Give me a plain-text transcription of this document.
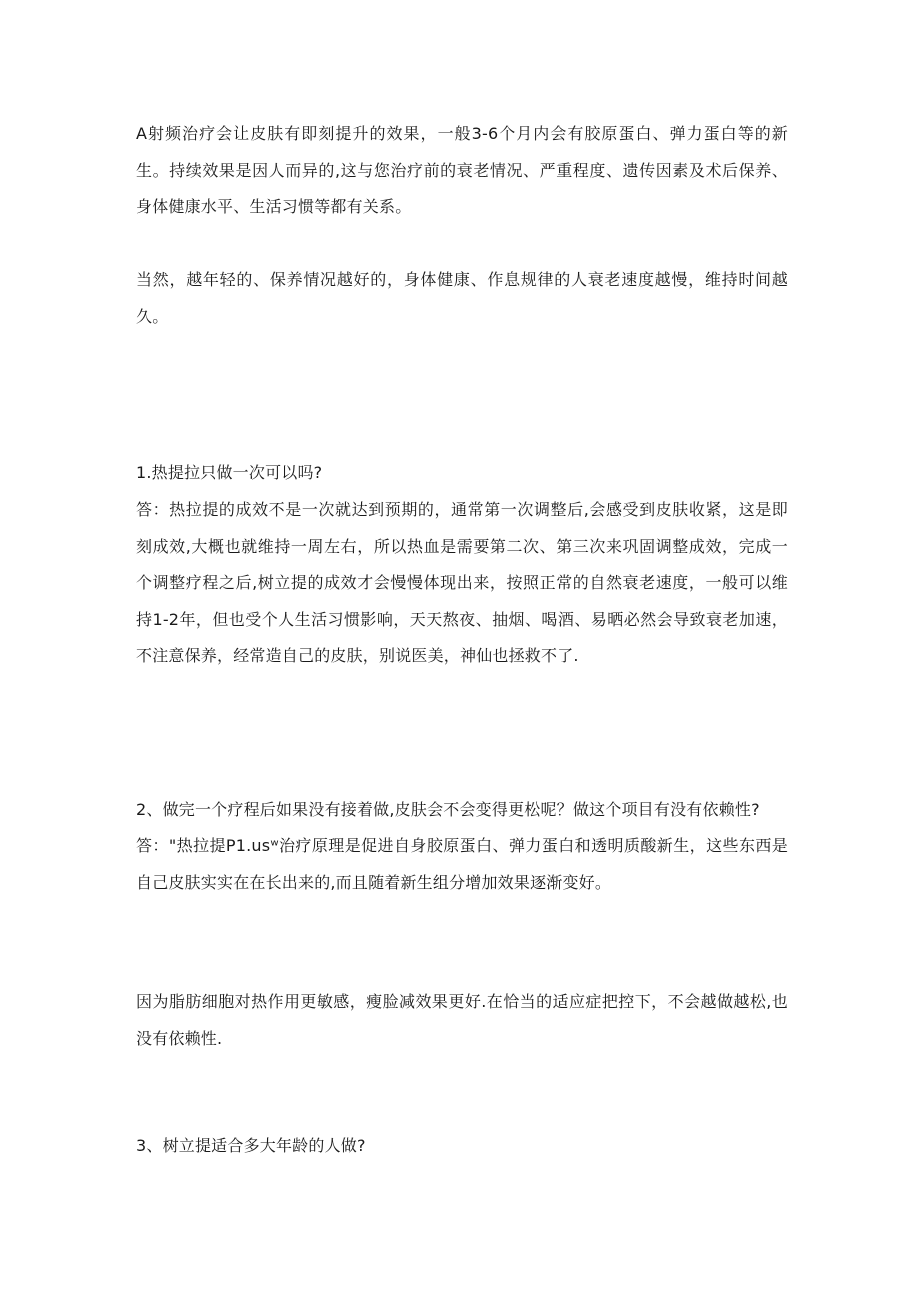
A射频治疗会让皮肤有即刻提升的效果，一般3-6个月内会有胶原蛋白、弹力蛋白等的新生。持续效果是因人而异的,这与您治疗前的衰老情况、严重程度、遗传因素及术后保养、身体健康水平、生活习惯等都有关系。

当然，越年轻的、保养情况越好的，身体健康、作息规律的人衰老速度越慢，维持时间越久。

1.热提拉只做一次可以吗?

答：热拉提的成效不是一次就达到预期的，通常第一次调整后,会感受到皮肤收紧，这是即刻成效,大概也就维持一周左右，所以热血是需要第二次、第三次来巩固调整成效，完成一个调整疗程之后,树立提的成效才会慢慢体现出来，按照正常的自然衰老速度，一般可以维持1-2年，但也受个人生活习惯影响，天天熬夜、抽烟、喝酒、易晒必然会导致衰老加速，不注意保养，经常造自己的皮肤，别说医美，神仙也拯救不了.

2、做完一个疗程后如果没有接着做,皮肤会不会变得更松呢？做这个项目有没有依赖性?

答："热拉提P1.usʷ治疗原理是促进自身胶原蛋白、弹力蛋白和透明质酸新生，这些东西是自己皮肤实实在在长出来的,而且随着新生组分增加效果逐渐变好。

因为脂肪细胞对热作用更敏感，瘦脸减效果更好.在恰当的适应症把控下，不会越做越松,也没有依赖性.

3、树立提适合多大年龄的人做?
